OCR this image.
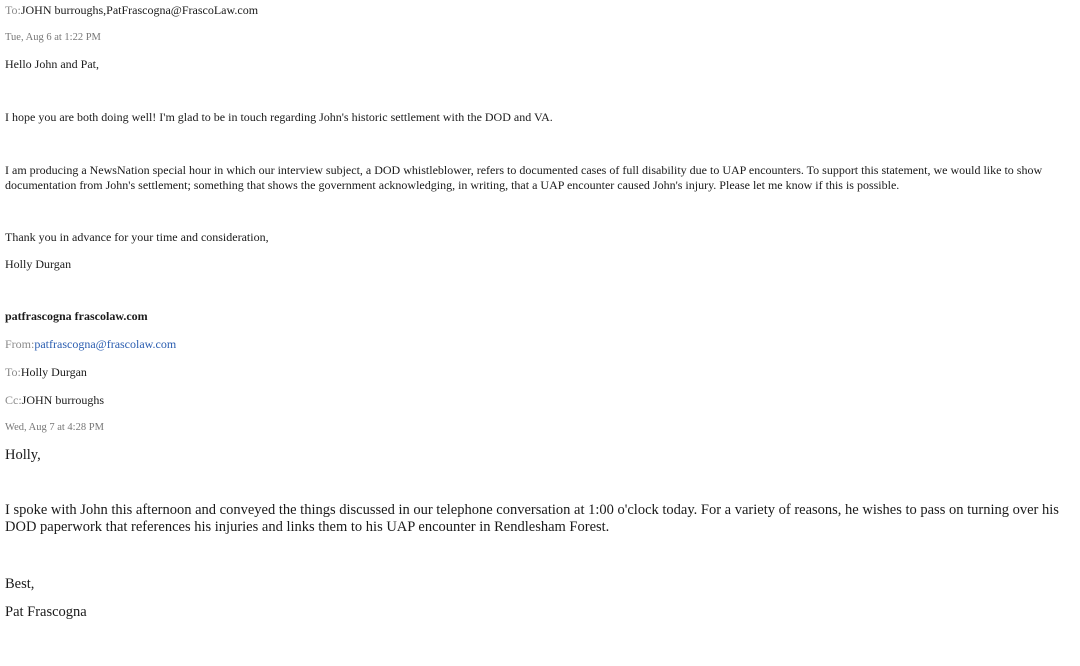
To:JOHN burroughs,PatFrascogna@FrascoLaw.com
Tue, Aug 6 at 1:22 PM
Hello John and Pat,
I hope you are both doing well! I'm glad to be in touch regarding John's historic settlement with the DOD and VA.
I am producing a NewsNation special hour in which our interview subject, a DOD whistleblower, refers to documented cases of full disability due to UAP encounters. To support this statement, we would like to show documentation from John's settlement; something that shows the government acknowledging, in writing, that a UAP encounter caused John's injury. Please let me know if this is possible.
Thank you in advance for your time and consideration,
Holly Durgan
patfrascogna frascolaw.com
From:patfrascogna@frascolaw.com
To:Holly Durgan
Cc:JOHN burroughs
Wed, Aug 7 at 4:28 PM
Holly,
I spoke with John this afternoon and conveyed the things discussed in our telephone conversation at 1:00 o'clock today. For a variety of reasons, he wishes to pass on turning over his DOD paperwork that references his injuries and links them to his UAP encounter in Rendlesham Forest.
Best,
Pat Frascogna
